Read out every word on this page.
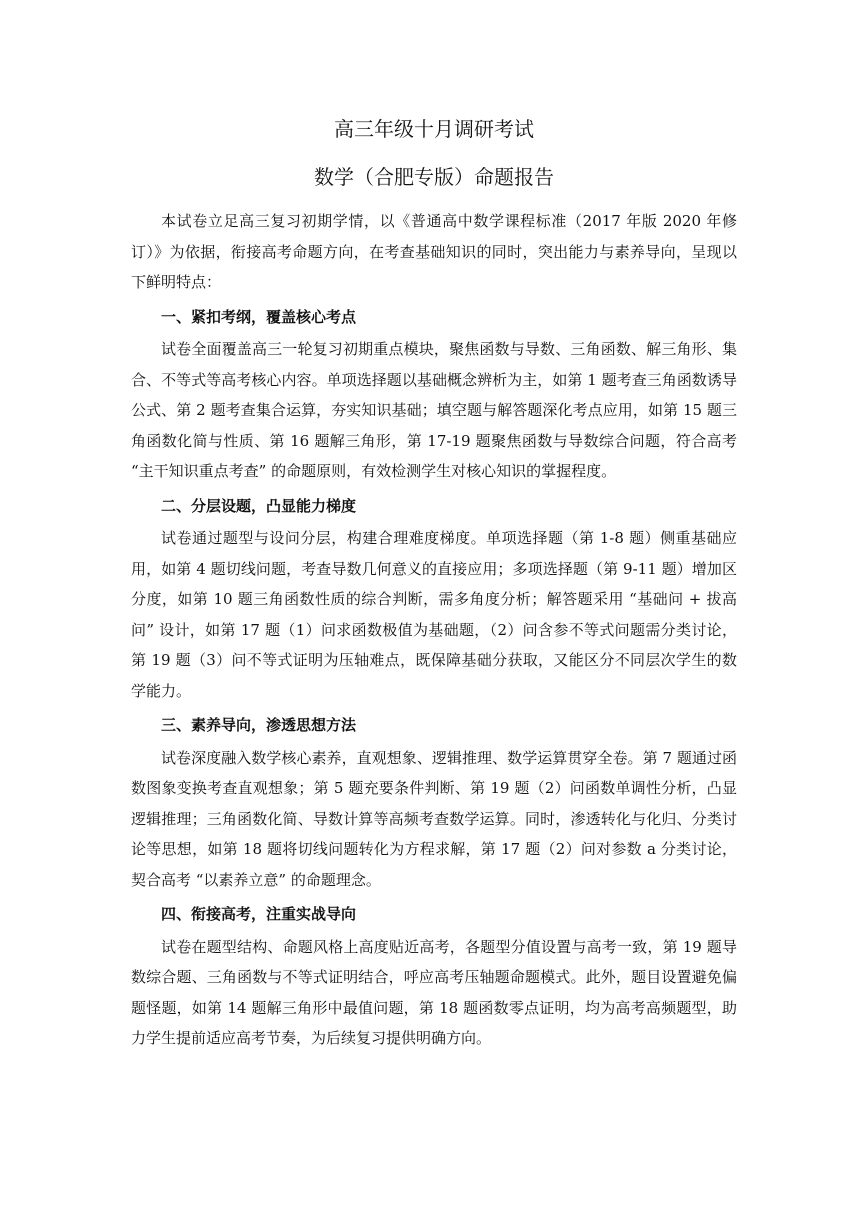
高三年级十月调研考试
数学（合肥专版）命题报告

本试卷立足高三复习初期学情，以《普通高中数学课程标准（2017 年版 2020 年修订）》为依据，衔接高考命题方向，在考查基础知识的同时，突出能力与素养导向，呈现以下鲜明特点：

一、紧扣考纲，覆盖核心考点

试卷全面覆盖高三一轮复习初期重点模块，聚焦函数与导数、三角函数、解三角形、集合、不等式等高考核心内容。单项选择题以基础概念辨析为主，如第 1 题考查三角函数诱导公式、第 2 题考查集合运算，夯实知识基础；填空题与解答题深化考点应用，如第 15 题三角函数化简与性质、第 16 题解三角形，第 17-19 题聚焦函数与导数综合问题，符合高考 “主干知识重点考查” 的命题原则，有效检测学生对核心知识的掌握程度。

二、分层设题，凸显能力梯度

试卷通过题型与设问分层，构建合理难度梯度。单项选择题（第 1-8 题）侧重基础应用，如第 4 题切线问题，考查导数几何意义的直接应用；多项选择题（第 9-11 题）增加区分度，如第 10 题三角函数性质的综合判断，需多角度分析；解答题采用 “基础问 + 拔高问” 设计，如第 17 题（1）问求函数极值为基础题，（2）问含参不等式问题需分类讨论，第 19 题（3）问不等式证明为压轴难点，既保障基础分获取，又能区分不同层次学生的数学能力。

三、素养导向，渗透思想方法

试卷深度融入数学核心素养，直观想象、逻辑推理、数学运算贯穿全卷。第 7 题通过函数图象变换考查直观想象；第 5 题充要条件判断、第 19 题（2）问函数单调性分析，凸显逻辑推理；三角函数化简、导数计算等高频考查数学运算。同时，渗透转化与化归、分类讨论等思想，如第 18 题将切线问题转化为方程求解，第 17 题（2）问对参数 a 分类讨论，契合高考 “以素养立意” 的命题理念。

四、衔接高考，注重实战导向

试卷在题型结构、命题风格上高度贴近高考，各题型分值设置与高考一致，第 19 题导数综合题、三角函数与不等式证明结合，呼应高考压轴题命题模式。此外，题目设置避免偏题怪题，如第 14 题解三角形中最值问题，第 18 题函数零点证明，均为高考高频题型，助力学生提前适应高考节奏，为后续复习提供明确方向。
